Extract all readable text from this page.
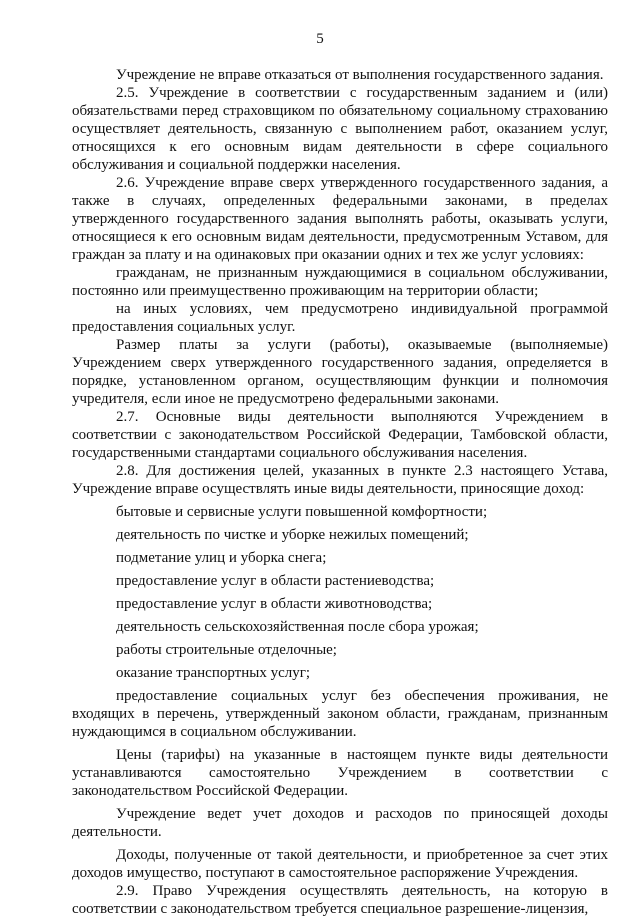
5

Учреждение не вправе отказаться от выполнения государственного задания.

2.5. Учреждение в соответствии с государственным заданием и (или) обязательствами перед страховщиком по обязательному социальному страхованию осуществляет деятельность, связанную с выполнением работ, оказанием услуг, относящихся к его основным видам деятельности в сфере социального обслуживания и социальной поддержки населения.

2.6. Учреждение вправе сверх утвержденного государственного задания, а также в случаях, определенных федеральными законами, в пределах утвержденного государственного задания выполнять работы, оказывать услуги, относящиеся к его основным видам деятельности, предусмотренным Уставом, для граждан за плату и на одинаковых при оказании одних и тех же услуг условиях:

гражданам, не признанным нуждающимися в социальном обслуживании, постоянно или преимущественно проживающим на территории области;

на иных условиях, чем предусмотрено индивидуальной программой предоставления социальных услуг.

Размер платы за услуги (работы), оказываемые (выполняемые) Учреждением сверх утвержденного государственного задания, определяется в порядке, установленном органом, осуществляющим функции и полномочия учредителя, если иное не предусмотрено федеральными законами.

2.7. Основные виды деятельности выполняются Учреждением в соответствии с законодательством Российской Федерации, Тамбовской области, государственными стандартами социального обслуживания населения.

2.8. Для достижения целей, указанных в пункте 2.3 настоящего Устава, Учреждение вправе осуществлять иные виды деятельности, приносящие доход:

бытовые и сервисные услуги повышенной комфортности;

деятельность по чистке и уборке нежилых помещений;

подметание улиц и уборка снега;

предоставление услуг в области растениеводства;

предоставление услуг в области животноводства;

деятельность сельскохозяйственная после сбора урожая;

работы строительные отделочные;

оказание транспортных услуг;

предоставление социальных услуг без обеспечения проживания, не входящих в перечень, утвержденный законом области, гражданам, признанным нуждающимся в социальном обслуживании.

Цены (тарифы) на указанные в настоящем пункте виды деятельности устанавливаются самостоятельно Учреждением в соответствии с законодательством Российской Федерации.

Учреждение ведет учет доходов и расходов по приносящей доходы деятельности.

Доходы, полученные от такой деятельности, и приобретенное за счет этих доходов имущество, поступают в самостоятельное распоряжение Учреждения.

2.9. Право Учреждения осуществлять деятельность, на которую в соответствии с законодательством требуется специальное разрешение-лицензия,
